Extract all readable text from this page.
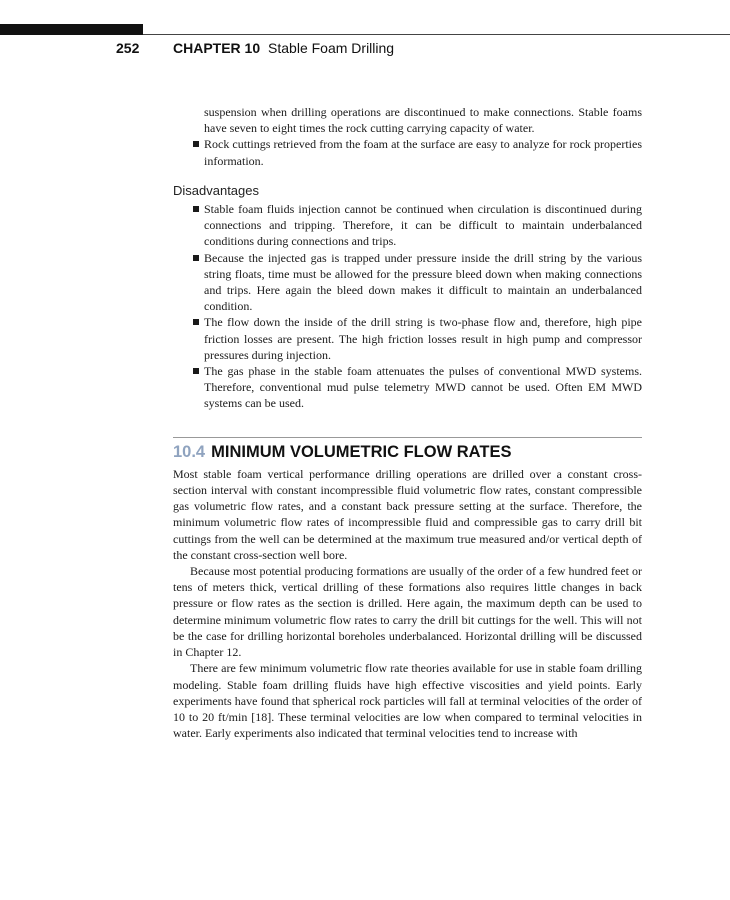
252 CHAPTER 10 Stable Foam Drilling
suspension when drilling operations are discontinued to make connections. Stable foams have seven to eight times the rock cutting carrying capacity of water.
Rock cuttings retrieved from the foam at the surface are easy to analyze for rock properties information.
Disadvantages
Stable foam fluids injection cannot be continued when circulation is discontinued during connections and tripping. Therefore, it can be difficult to maintain underbalanced conditions during connections and trips.
Because the injected gas is trapped under pressure inside the drill string by the various string floats, time must be allowed for the pressure bleed down when making connections and trips. Here again the bleed down makes it difficult to maintain an underbalanced condition.
The flow down the inside of the drill string is two-phase flow and, therefore, high pipe friction losses are present. The high friction losses result in high pump and compressor pressures during injection.
The gas phase in the stable foam attenuates the pulses of conventional MWD systems. Therefore, conventional mud pulse telemetry MWD cannot be used. Often EM MWD systems can be used.
10.4 MINIMUM VOLUMETRIC FLOW RATES

Most stable foam vertical performance drilling operations are drilled over a constant cross-section interval with constant incompressible fluid volumetric flow rates, constant compressible gas volumetric flow rates, and a constant back pressure setting at the surface. Therefore, the minimum volumetric flow rates of incompressible fluid and compressible gas to carry drill bit cuttings from the well can be determined at the maximum true measured and/or vertical depth of the constant cross-section well bore.

Because most potential producing formations are usually of the order of a few hundred feet or tens of meters thick, vertical drilling of these formations also requires little changes in back pressure or flow rates as the section is drilled. Here again, the maximum depth can be used to determine minimum volumetric flow rates to carry the drill bit cuttings for the well. This will not be the case for drilling horizontal boreholes underbalanced. Horizontal drilling will be discussed in Chapter 12.

There are few minimum volumetric flow rate theories available for use in stable foam drilling modeling. Stable foam drilling fluids have high effective viscosities and yield points. Early experiments have found that spherical rock particles will fall at terminal velocities of the order of 10 to 20 ft/min [18]. These terminal velocities are low when compared to terminal velocities in water. Early experiments also indicated that terminal velocities tend to increase with
